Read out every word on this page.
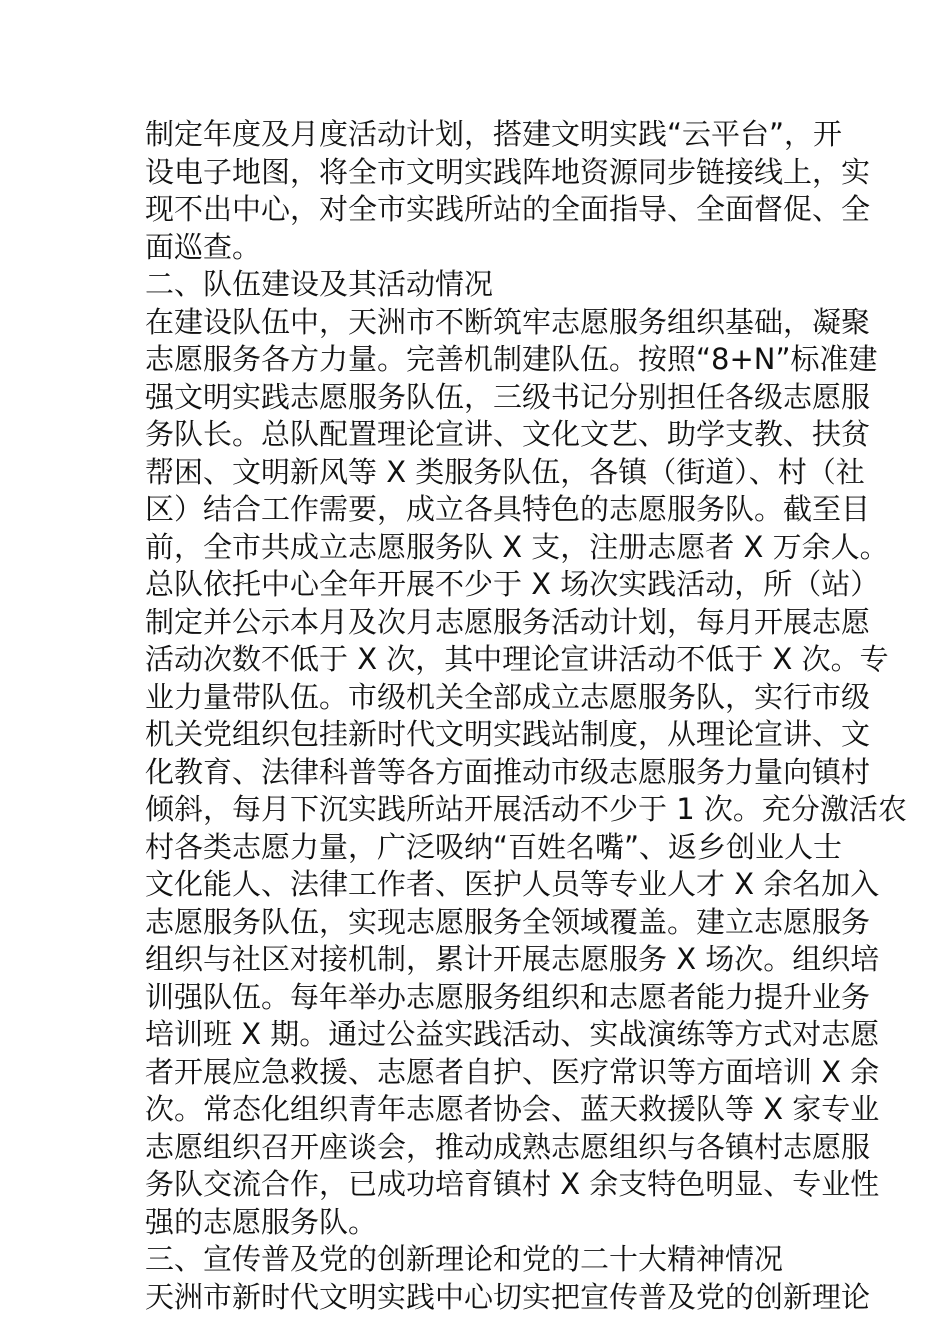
制定年度及月度活动计划，搭建文明实践“云平台”，开
设电子地图，将全市文明实践阵地资源同步链接线上，实
现不出中心，对全市实践所站的全面指导、全面督促、全
面巡查。
二、队伍建设及其活动情况
在建设队伍中，天洲市不断筑牢志愿服务组织基础，凝聚
志愿服务各方力量。完善机制建队伍。按照“8+N”标准建
强文明实践志愿服务队伍，三级书记分别担任各级志愿服
务队长。总队配置理论宣讲、文化文艺、助学支教、扶贫
帮困、文明新风等 X 类服务队伍，各镇（街道）、村（社
区）结合工作需要，成立各具特色的志愿服务队。截至目
前，全市共成立志愿服务队 X 支，注册志愿者 X 万余人。
总队依托中心全年开展不少于 X 场次实践活动，所（站）
制定并公示本月及次月志愿服务活动计划，每月开展志愿
活动次数不低于 X 次，其中理论宣讲活动不低于 X 次。专
业力量带队伍。市级机关全部成立志愿服务队，实行市级
机关党组织包挂新时代文明实践站制度，从理论宣讲、文
化教育、法律科普等各方面推动市级志愿服务力量向镇村
倾斜，每月下沉实践所站开展活动不少于 1 次。充分激活农
村各类志愿力量，广泛吸纳“百姓名嘴”、返乡创业人士
文化能人、法律工作者、医护人员等专业人才 X 余名加入
志愿服务队伍，实现志愿服务全领域覆盖。建立志愿服务
组织与社区对接机制，累计开展志愿服务 X 场次。组织培
训强队伍。每年举办志愿服务组织和志愿者能力提升业务
培训班 X 期。通过公益实践活动、实战演练等方式对志愿
者开展应急救援、志愿者自护、医疗常识等方面培训 X 余
次。常态化组织青年志愿者协会、蓝天救援队等 X 家专业
志愿组织召开座谈会，推动成熟志愿组织与各镇村志愿服
务队交流合作，已成功培育镇村 X 余支特色明显、专业性
强的志愿服务队。
三、宣传普及党的创新理论和党的二十大精神情况
天洲市新时代文明实践中心切实把宣传普及党的创新理论
